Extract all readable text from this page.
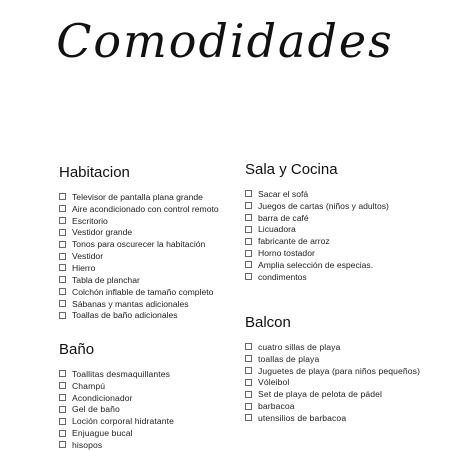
Comodidades
Habitacion
Televisor de pantalla plana grande
Aire acondicionado con control remoto
Escritorio
Vestidor grande
Tonos para oscurecer la habitación
Vestidor
Hierro
Tabla de planchar
Colchón inflable de tamaño completo
Sábanas y mantas adicionales
Toallas de baño adicionales
Sala y Cocina
Sacar el sofá
Juegos de cartas (niños y adultos)
barra de café
Licuadora
fabricante de arroz
Horno tostador
Amplia selección de especias.
condimentos
Baño
Toallitas desmaquillantes
Champú
Acondicionador
Gel de baño
Loción corporal hidratante
Enjuague bucal
hisopos
Balcon
cuatro sillas de playa
toallas de playa
Juguetes de playa (para niños pequeños)
Vóleibol
Set de playa de pelota de pádel
barbacoa
utensilios de barbacoa
